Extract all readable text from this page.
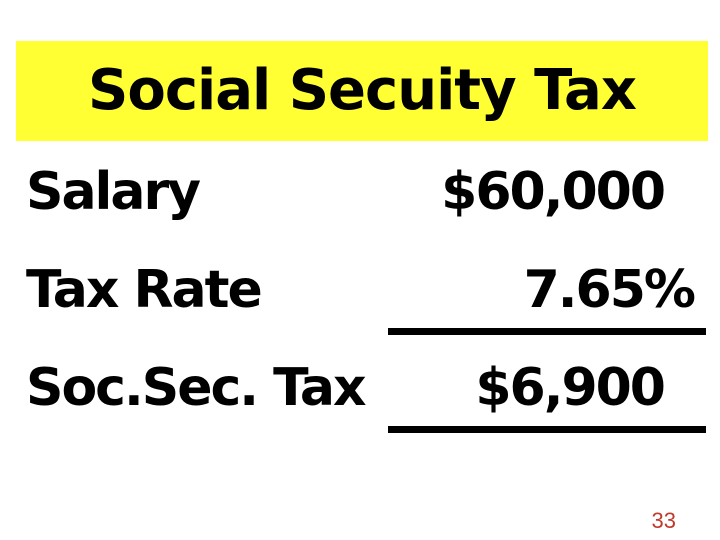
Social Secuity Tax
Salary	$60,000
Tax Rate	7.65%
Soc.Sec. Tax $6,900
33
